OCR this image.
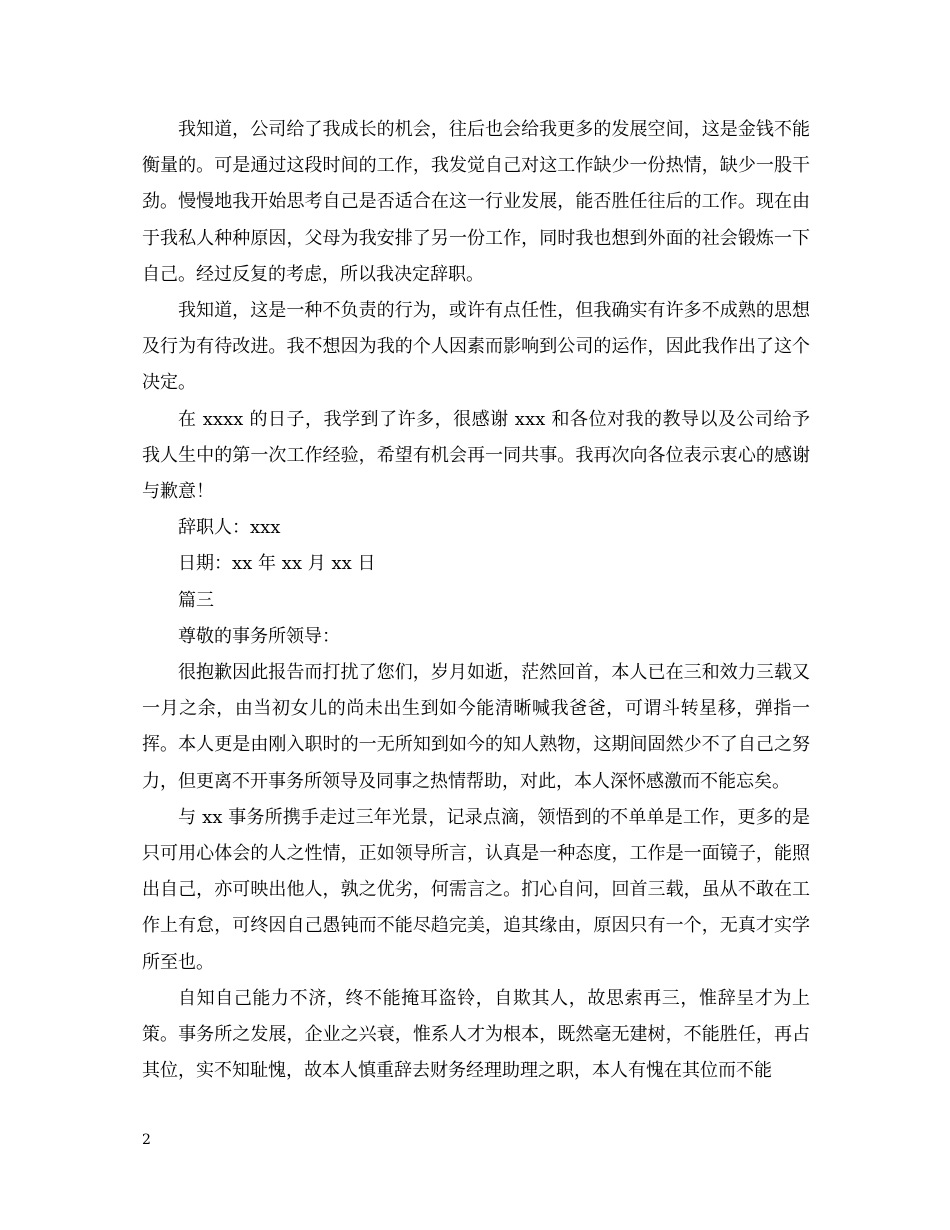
我知道，公司给了我成长的机会，往后也会给我更多的发展空间，这是金钱不能衡量的。可是通过这段时间的工作，我发觉自己对这工作缺少一份热情，缺少一股干劲。慢慢地我开始思考自己是否适合在这一行业发展，能否胜任往后的工作。现在由于我私人种种原因，父母为我安排了另一份工作，同时我也想到外面的社会锻炼一下自己。经过反复的考虑，所以我决定辞职。

我知道，这是一种不负责的行为，或许有点任性，但我确实有许多不成熟的思想及行为有待改进。我不想因为我的个人因素而影响到公司的运作，因此我作出了这个决定。

在 xxxx 的日子，我学到了许多，很感谢 xxx 和各位对我的教导以及公司给予我人生中的第一次工作经验，希望有机会再一同共事。我再次向各位表示衷心的感谢与歉意！

辞职人：xxx

日期：xx 年 xx 月 xx 日

篇三

尊敬的事务所领导：

很抱歉因此报告而打扰了您们，岁月如逝，茫然回首，本人已在三和效力三载又一月之余，由当初女儿的尚未出生到如今能清晰喊我爸爸，可谓斗转星移，弹指一挥。本人更是由刚入职时的一无所知到如今的知人熟物，这期间固然少不了自己之努力，但更离不开事务所领导及同事之热情帮助，对此，本人深怀感激而不能忘矣。

与 xx 事务所携手走过三年光景，记录点滴，领悟到的不单单是工作，更多的是只可用心体会的人之性情，正如领导所言，认真是一种态度，工作是一面镜子，能照出自己，亦可映出他人，孰之优劣，何需言之。扪心自问，回首三载，虽从不敢在工作上有怠，可终因自己愚钝而不能尽趋完美，追其缘由，原因只有一个，无真才实学所至也。

自知自己能力不济，终不能掩耳盗铃，自欺其人，故思索再三，惟辞呈才为上策。事务所之发展，企业之兴衰，惟系人才为根本，既然毫无建树，不能胜任，再占其位，实不知耻愧，故本人慎重辞去财务经理助理之职，本人有愧在其位而不能

2
